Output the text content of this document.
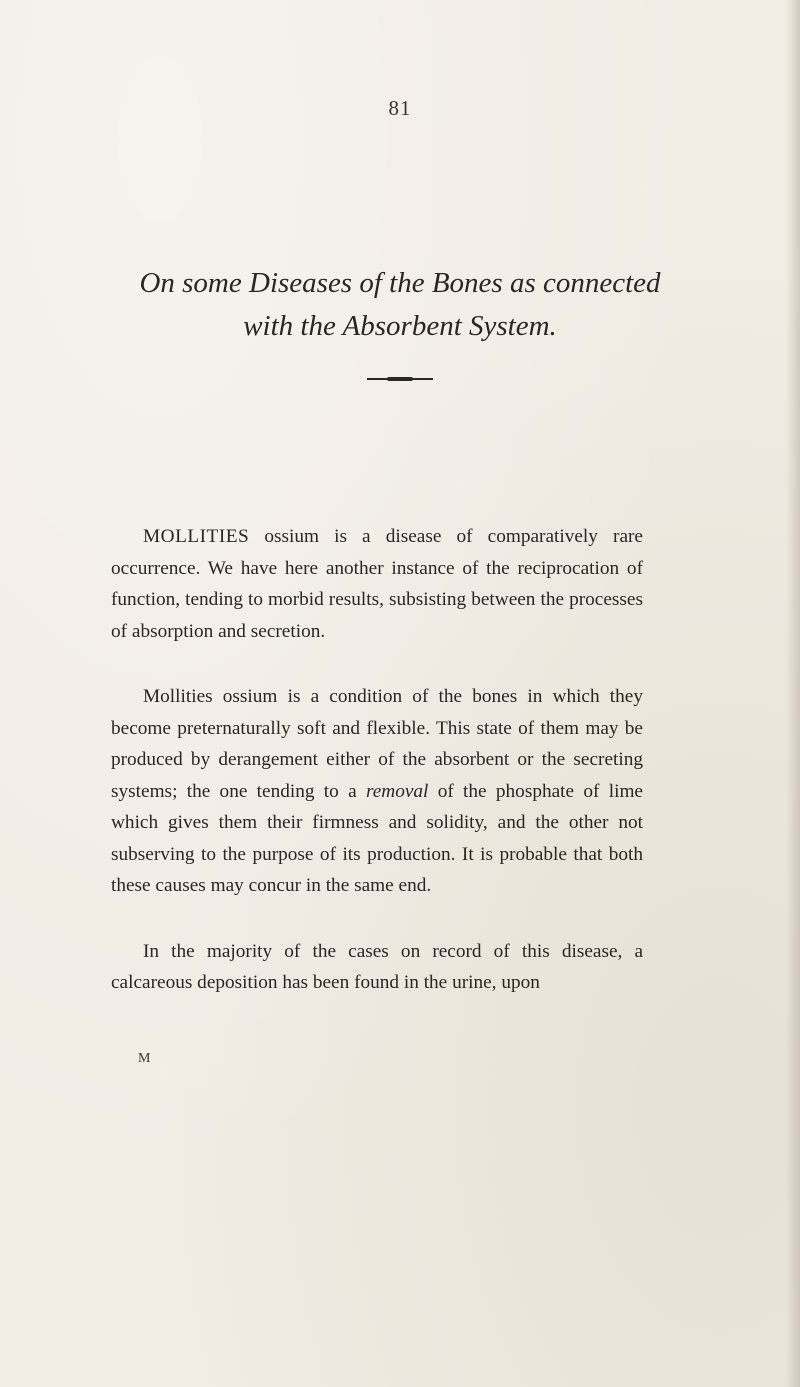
81
On some Diseases of the Bones as connected
with the Absorbent System.

MOLLITIES ossium is a disease of comparatively rare occurrence. We have here another instance of the reciprocation of function, tending to morbid results, subsisting between the processes of absorption and secretion.

Mollities ossium is a condition of the bones in which they become preternaturally soft and flexible. This state of them may be produced by derangement either of the absorbent or the secreting systems; the one tending to a removal of the phosphate of lime which gives them their firmness and solidity, and the other not subserving to the purpose of its production. It is probable that both these causes may concur in the same end.

In the majority of the cases on record of this disease, a calcareous deposition has been found in the urine, upon

M
